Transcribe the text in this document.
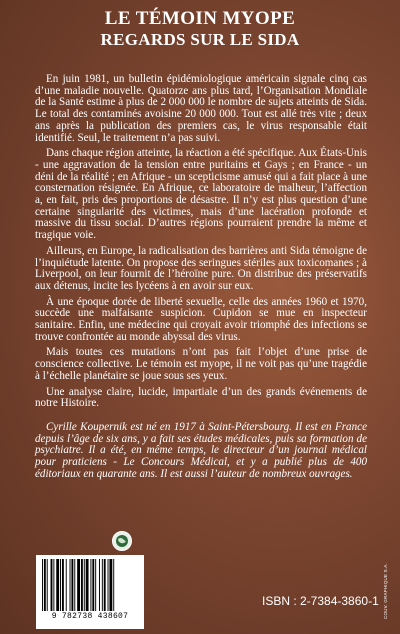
LE TÉMOIN MYOPE
REGARDS SUR LE SIDA

En juin 1981, un bulletin épidémiologique américain signale cinq cas d’une maladie nouvelle. Quatorze ans plus tard, l’Organisation Mondiale de la Santé estime à plus de 2 000 000 le nombre de sujets atteints de Sida. Le total des contaminés avoisine 20 000 000. Tout est allé très vite ; deux ans après la publication des premiers cas, le virus responsable était identifié. Seul, le traitement n’a pas suivi.

Dans chaque région atteinte, la réaction a été spécifique. Aux États-Unis - une aggravation de la tension entre puritains et Gays ; en France - un déni de la réalité ; en Afrique - un scepticisme amusé qui a fait place à une consternation résignée. En Afrique, ce laboratoire de malheur, l’affection a, en fait, pris des proportions de désastre. Il n’y est plus question d’une certaine singularité des victimes, mais d’une lacération profonde et massive du tissu social. D’autres régions pourraient prendre la même et tragique voie.

Ailleurs, en Europe, la radicalisation des barrières anti Sida témoigne de l’inquiétude latente. On propose des seringues stériles aux toxicomanes ; à Liverpool, on leur fournit de l’héroïne pure. On distribue des préservatifs aux détenus, incite les lycéens à en avoir sur eux.

À une époque dorée de liberté sexuelle, celle des années 1960 et 1970, succède une malfaisante suspicion. Cupidon se mue en inspecteur sanitaire. Enfin, une médecine qui croyait avoir triomphé des infections se trouve confrontée au monde abyssal des virus.

Mais toutes ces mutations n’ont pas fait l’objet d’une prise de conscience collective. Le témoin est myope, il ne voit pas qu’une tragédie à l’échelle planétaire se joue sous ses yeux.

Une analyse claire, lucide, impartiale d’un des grands événements de notre Histoire.

Cyrille Koupernik est né en 1917 à Saint-Pétersbourg. Il est en France depuis l’âge de six ans, y a fait ses études médicales, puis sa formation de psychiatre. Il a été, en même temps, le directeur d’un journal médical pour praticiens - Le Concours Médical, et y a publié plus de 400 éditoriaux en quarante ans. Il est aussi l’auteur de nombreux ouvrages.

9 782738 438607
ISBN : 2-7384-3860-1 COUV. GRAPHIQUE S.A.
